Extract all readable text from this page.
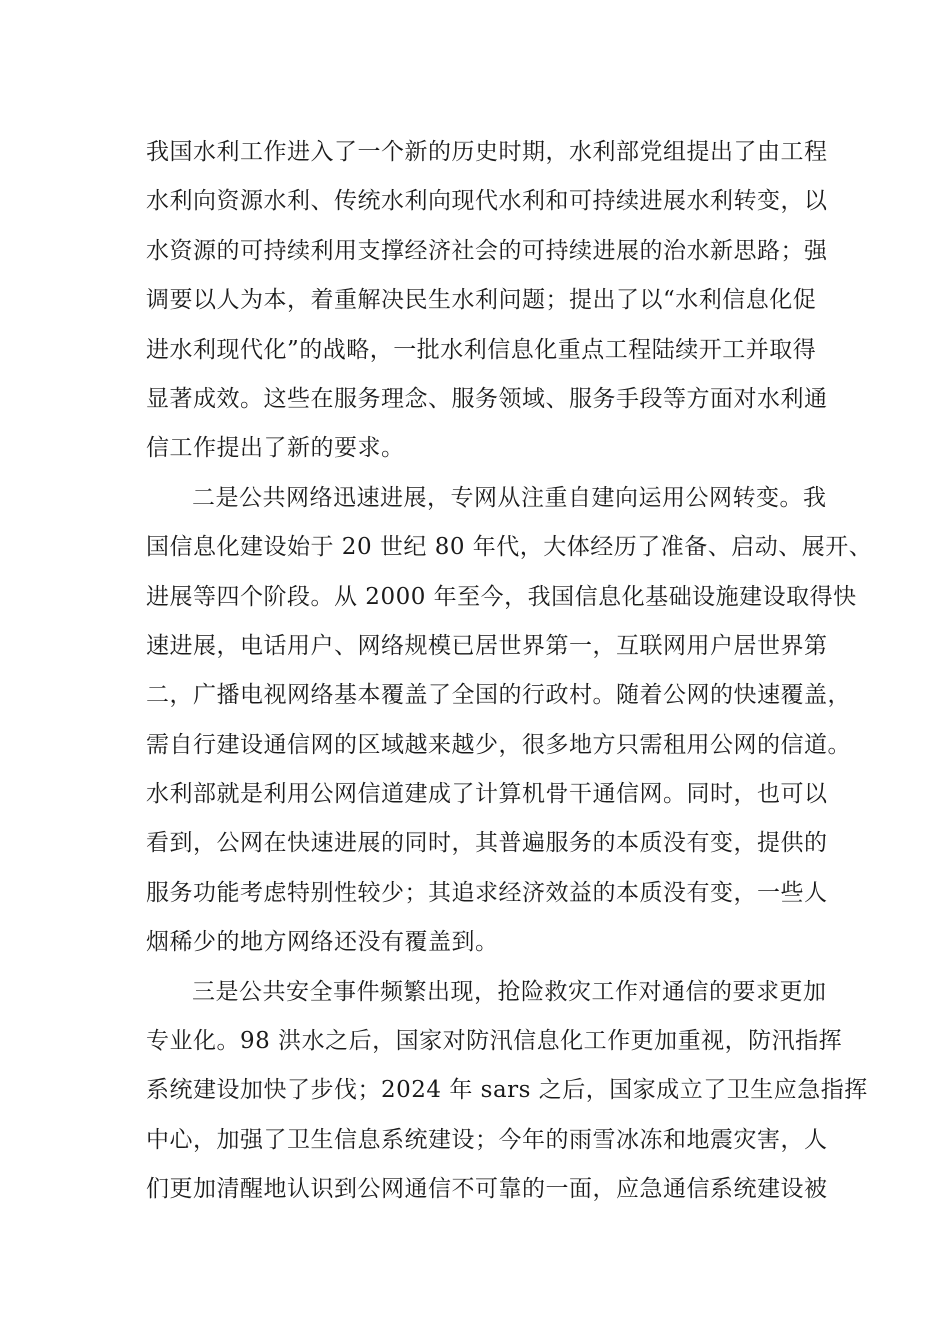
我国水利工作进入了一个新的历史时期，水利部党组提出了由工程
水利向资源水利、传统水利向现代水利和可持续进展水利转变，以
水资源的可持续利用支撑经济社会的可持续进展的治水新思路；强
调要以人为本，着重解决民生水利问题；提出了以“水利信息化促
进水利现代化”的战略，一批水利信息化重点工程陆续开工并取得
显著成效。这些在服务理念、服务领域、服务手段等方面对水利通
信工作提出了新的要求。
二是公共网络迅速进展，专网从注重自建向运用公网转变。我
国信息化建设始于 20 世纪 80 年代，大体经历了准备、启动、展开、
进展等四个阶段。从 2000 年至今，我国信息化基础设施建设取得快
速进展，电话用户、网络规模已居世界第一，互联网用户居世界第
二，广播电视网络基本覆盖了全国的行政村。随着公网的快速覆盖，
需自行建设通信网的区域越来越少，很多地方只需租用公网的信道。
水利部就是利用公网信道建成了计算机骨干通信网。同时，也可以
看到，公网在快速进展的同时，其普遍服务的本质没有变，提供的
服务功能考虑特别性较少；其追求经济效益的本质没有变，一些人
烟稀少的地方网络还没有覆盖到。
三是公共安全事件频繁出现，抢险救灾工作对通信的要求更加
专业化。98 洪水之后，国家对防汛信息化工作更加重视，防汛指挥
系统建设加快了步伐；2024 年 sars 之后，国家成立了卫生应急指挥
中心，加强了卫生信息系统建设；今年的雨雪冰冻和地震灾害，人
们更加清醒地认识到公网通信不可靠的一面，应急通信系统建设被
